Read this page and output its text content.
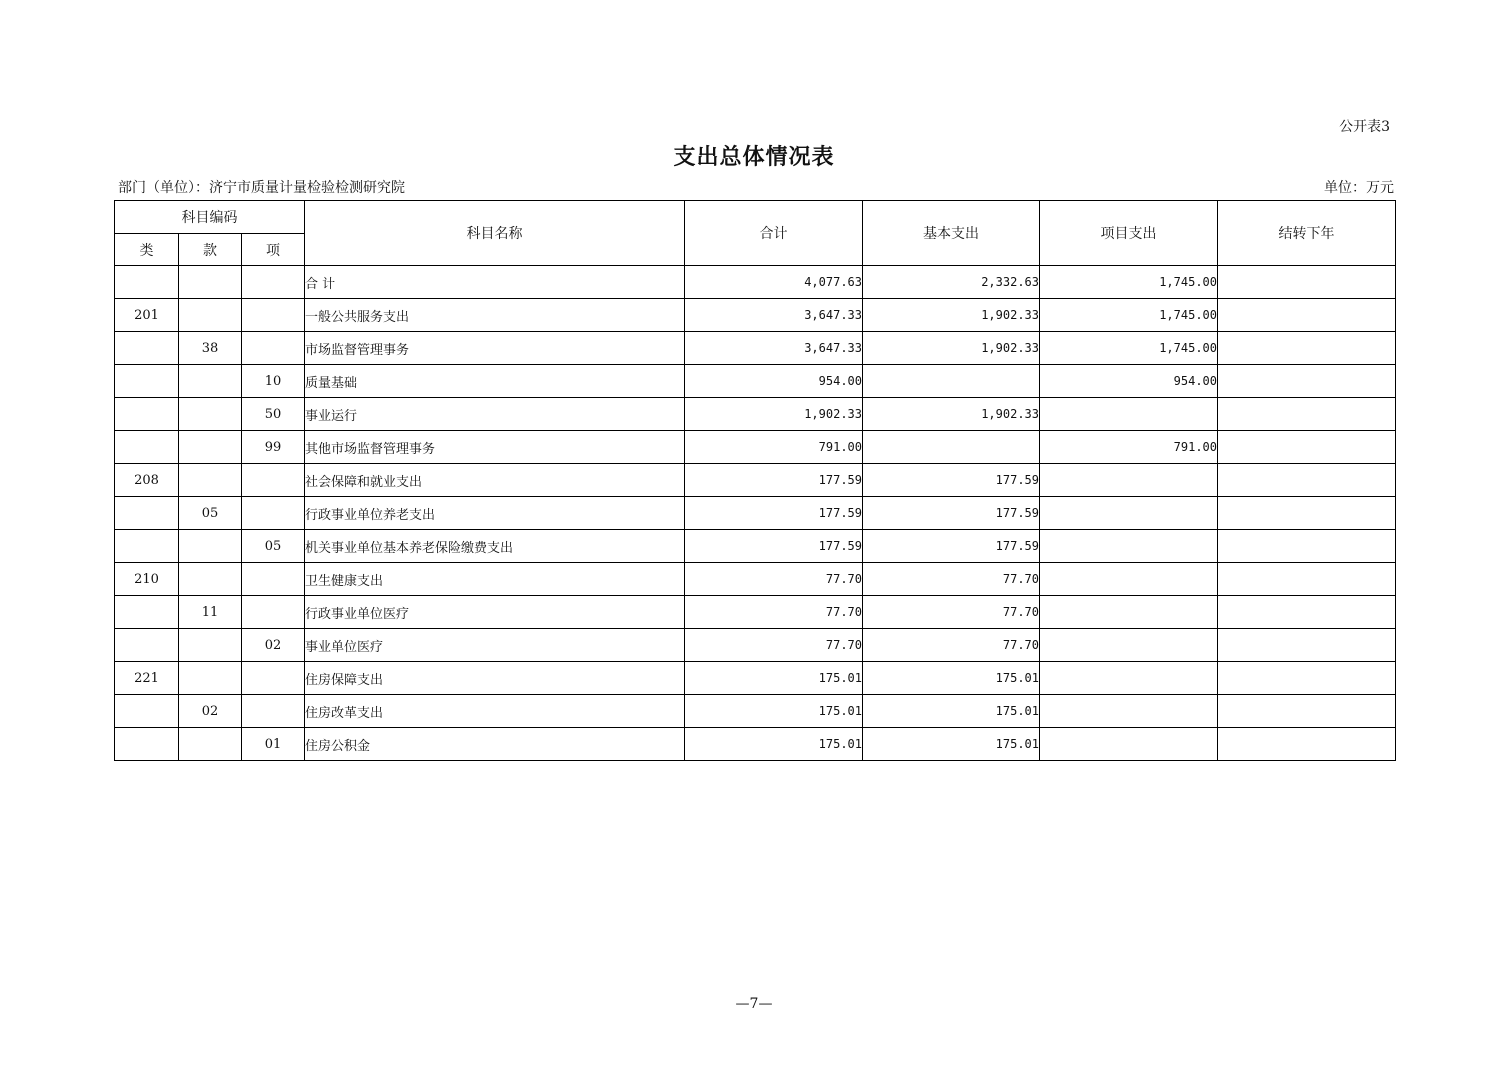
公开表3
支出总体情况表
部门（单位）：济宁市质量计量检验检测研究院	单位：万元
科目编码			科目名称	合计	基本支出	项目支出	结转下年
类	款	项					
			合 计	4,077.63	2,332.63	1,745.00	
201			一般公共服务支出	3,647.33	1,902.33	1,745.00	
	38		市场监督管理事务	3,647.33	1,902.33	1,745.00	
		10	质量基础	954.00		954.00	
		50	事业运行	1,902.33	1,902.33		
		99	其他市场监督管理事务	791.00		791.00	
208			社会保障和就业支出	177.59	177.59		
	05		行政事业单位养老支出	177.59	177.59		
		05	机关事业单位基本养老保险缴费支出	177.59	177.59		
210			卫生健康支出	77.70	77.70		
	11		行政事业单位医疗	77.70	77.70		
		02	事业单位医疗	77.70	77.70		
221			住房保障支出	175.01	175.01		
	02		住房改革支出	175.01	175.01		
		01	住房公积金	175.01	175.01		
—7—
